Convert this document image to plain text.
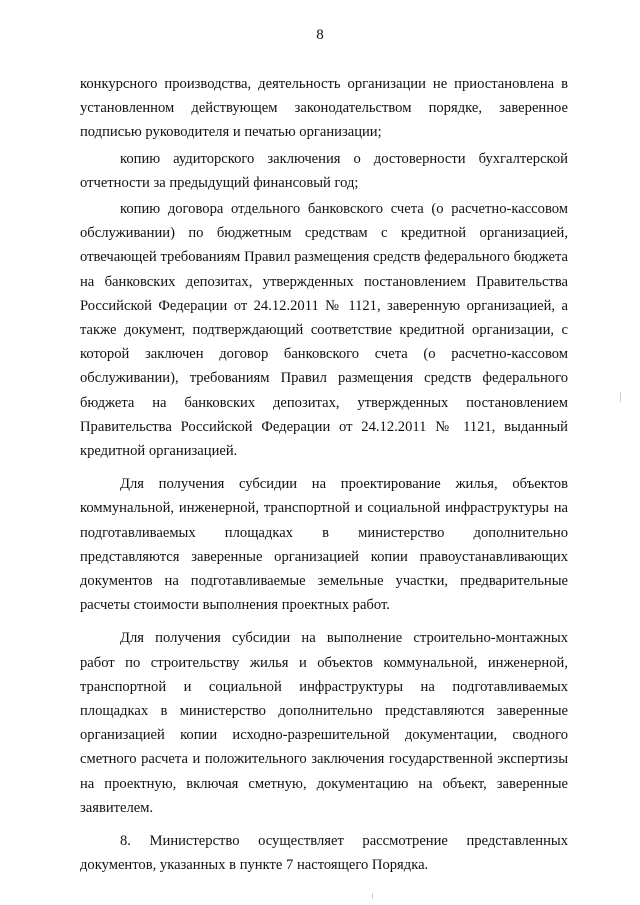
8

конкурсного производства, деятельность организации не приостановлена в установленном действующем законодательством порядке, заверенное подписью руководителя и печатью организации;

копию аудиторского заключения о достоверности бухгалтерской отчетности за предыдущий финансовый год;

копию договора отдельного банковского счета (о расчетно-кассовом обслуживании) по бюджетным средствам с кредитной организацией, отвечающей требованиям Правил размещения средств федерального бюджета на банковских депозитах, утвержденных постановлением Правительства Российской Федерации от 24.12.2011 № 1121, заверенную организацией, а также документ, подтверждающий соответствие кредитной организации, с которой заключен договор банковского счета (о расчетно-кассовом обслуживании), требованиям Правил размещения средств федерального бюджета на банковских депозитах, утвержденных постановлением Правительства Российской Федерации от 24.12.2011 № 1121, выданный кредитной организацией.

Для получения субсидии на проектирование жилья, объектов коммунальной, инженерной, транспортной и социальной инфраструктуры на подготавливаемых площадках в министерство дополнительно представляются заверенные организацией копии правоустанавливающих документов на подготавливаемые земельные участки, предварительные расчеты стоимости выполнения проектных работ.

Для получения субсидии на выполнение строительно-монтажных работ по строительству жилья и объектов коммунальной, инженерной, транспортной и социальной инфраструктуры на подготавливаемых площадках в министерство дополнительно представляются заверенные организацией копии исходно-разрешительной документации, сводного сметного расчета и положительного заключения государственной экспертизы на проектную, включая сметную, документацию на объект, заверенные заявителем.

8. Министерство осуществляет рассмотрение представленных документов, указанных в пункте 7 настоящего Порядка.
